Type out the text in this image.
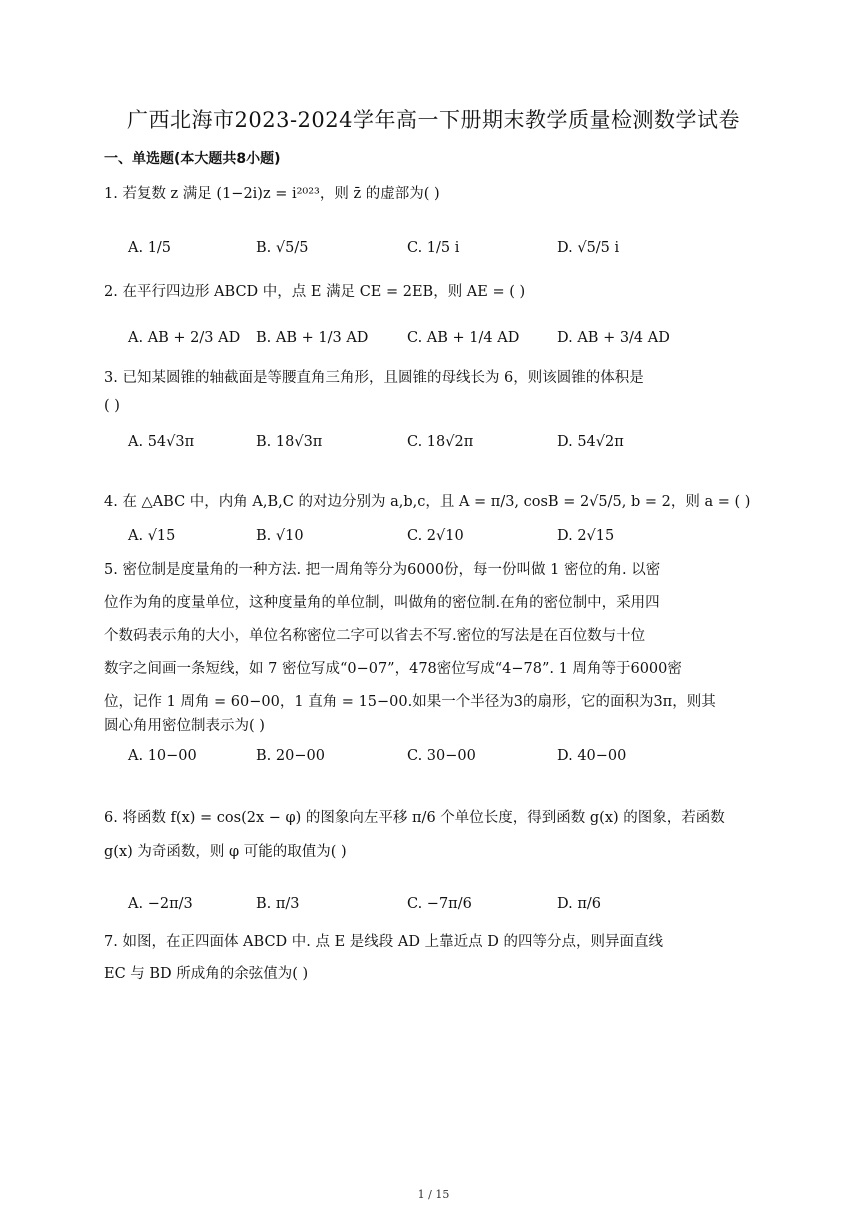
广西北海市2023-2024学年高一下册期末教学质量检测数学试卷
一、单选题(本大题共8小题)
1. 若复数 z 满足 (1−2i)z = i²⁰²³，则 z̄ 的虚部为( )
A. 1/5	B. √5/5	C. 1/5 i	D. √5/5 i
2. 在平行四边形 ABCD 中，点 E 满足 CE = 2EB，则 AE = ( )
A. AB + 2/3 AD B. AB + 1/3 AD	C. AB + 1/4 AD	D. AB + 3/4 AD
3. 已知某圆锥的轴截面是等腰直角三角形，且圆锥的母线长为 6，则该圆锥的体积是
( )
A. 54√3π	B. 18√3π	C. 18√2π	D. 54√2π
4. 在 △ABC 中，内角 A,B,C 的对边分别为 a,b,c，且 A = π/3, cosB = 2√5/5, b = 2，则 a = ( )
A. √15	B. √10	C. 2√10	D. 2√15
5. 密位制是度量角的一种方法. 把一周角等分为6000份，每一份叫做 1 密位的角. 以密
位作为角的度量单位，这种度量角的单位制，叫做角的密位制.在角的密位制中，采用四
个数码表示角的大小，单位名称密位二字可以省去不写.密位的写法是在百位数与十位
数字之间画一条短线，如 7 密位写成“0−07”，478密位写成“4−78”. 1 周角等于6000密
位，记作 1 周角 = 60−00，1 直角 = 15−00.如果一个半径为3的扇形，它的面积为3π，则其
圆心角用密位制表示为( )
A. 10−00	B. 20−00	C. 30−00	D. 40−00
6. 将函数 f(x) = cos(2x − φ) 的图象向左平移 π/6 个单位长度，得到函数 g(x) 的图象，若函数
g(x) 为奇函数，则 φ 可能的取值为( )
A. −2π/3	B. π/3	C. −7π/6	D. π/6
7. 如图，在正四面体 ABCD 中. 点 E 是线段 AD 上靠近点 D 的四等分点，则异面直线
EC 与 BD 所成角的余弦值为( )
1 / 15
